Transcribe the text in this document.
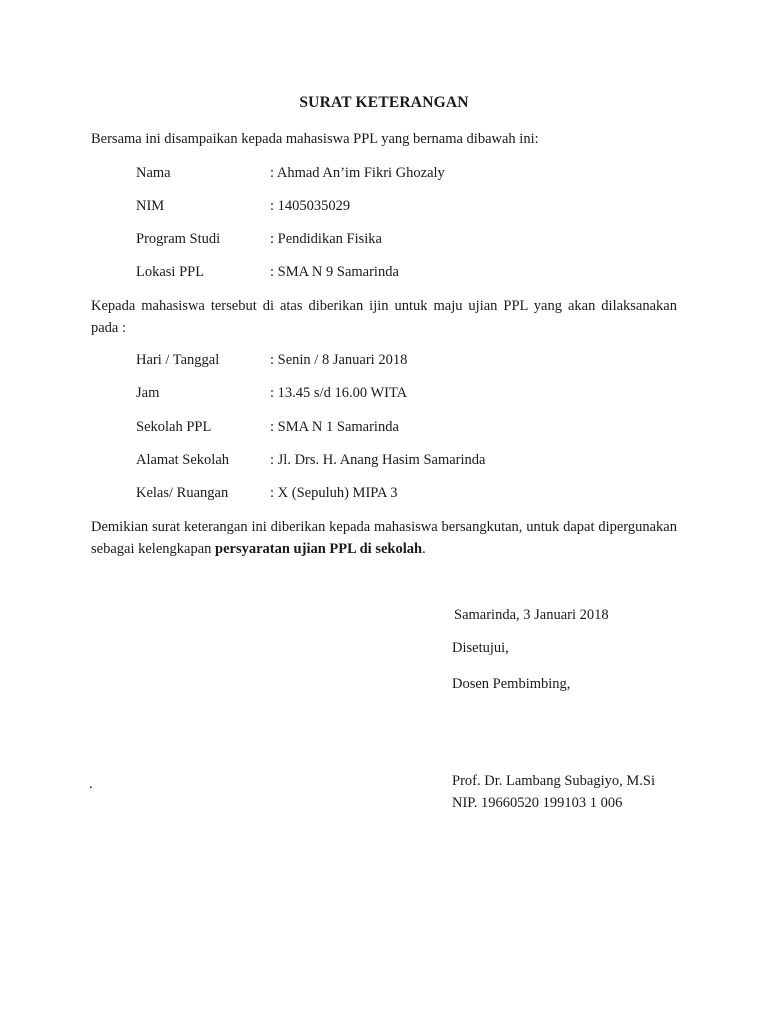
SURAT KETERANGAN

Bersama ini disampaikan kepada mahasiswa PPL yang bernama dibawah ini:

Nama	: Ahmad An’im Fikri Ghozaly
NIM	: 1405035029
Program Studi	: Pendidikan Fisika
Lokasi PPL	: SMA N 9 Samarinda

Kepada mahasiswa tersebut di atas diberikan ijin untuk maju ujian PPL yang akan dilaksanakan pada :

Hari / Tanggal	: Senin / 8 Januari 2018
Jam	: 13.45 s/d 16.00 WITA
Sekolah PPL	: SMA N 1 Samarinda
Alamat Sekolah	: Jl. Drs. H. Anang Hasim Samarinda
Kelas/ Ruangan	: X (Sepuluh) MIPA 3

Demikian surat keterangan ini diberikan kepada mahasiswa bersangkutan, untuk dapat dipergunakan sebagai kelengkapan persyaratan ujian PPL di sekolah.

Samarinda, 3 Januari 2018
Disetujui,
Dosen Pembimbing,
Prof. Dr. Lambang Subagiyo, M.Si
NIP. 19660520 199103 1 006
.
